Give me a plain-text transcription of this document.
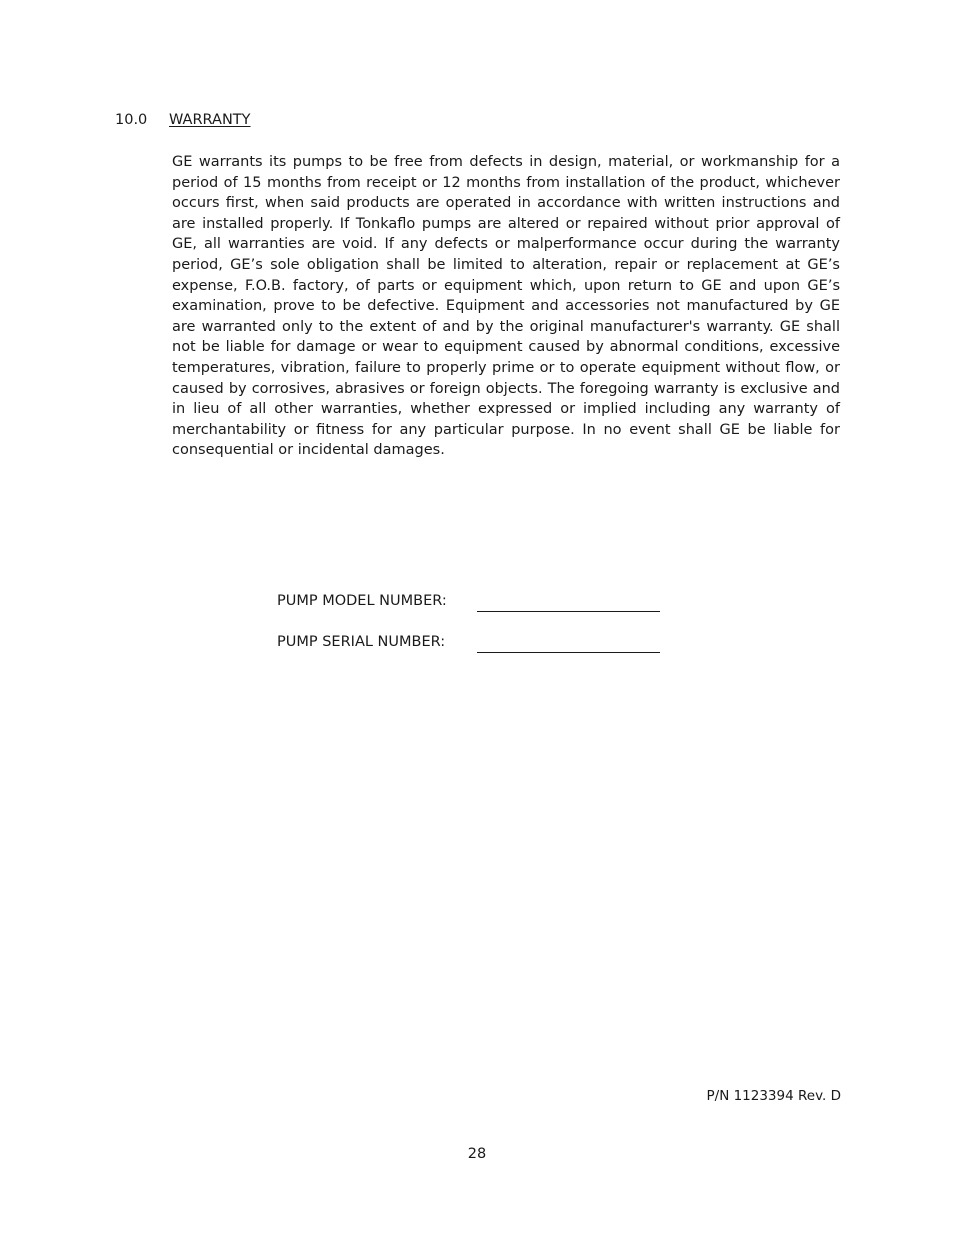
10.0 WARRANTY

GE warrants its pumps to be free from defects in design, material, or workmanship for a period of 15 months from receipt or 12 months from installation of the product, whichever occurs first, when said products are operated in accordance with written instructions and are installed properly. If Tonkaflo pumps are altered or repaired without prior approval of GE, all warranties are void. If any defects or malperformance occur during the warranty period, GE’s sole obligation shall be limited to alteration, repair or replacement at GE’s expense, F.O.B. factory, of parts or equipment which, upon return to GE and upon GE’s examination, prove to be defective. Equipment and accessories not manufactured by GE are warranted only to the extent of and by the original manufacturer's warranty. GE shall not be liable for damage or wear to equipment caused by abnormal conditions, excessive temperatures, vibration, failure to properly prime or to operate equipment without flow, or caused by corrosives, abrasives or foreign objects. The foregoing warranty is exclusive and in lieu of all other warranties, whether expressed or implied including any warranty of merchantability or fitness for any particular purpose. In no event shall GE be liable for consequential or incidental damages.

PUMP MODEL NUMBER:
PUMP SERIAL NUMBER:
P/N 1123394 Rev. D
28
